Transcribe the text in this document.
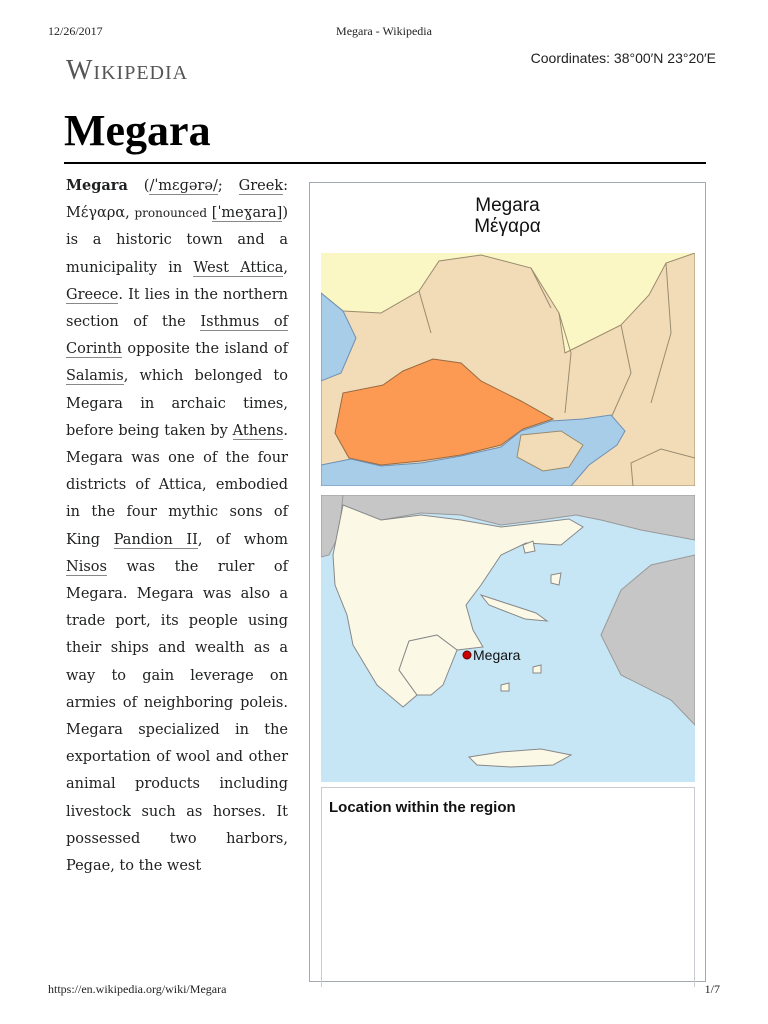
12/26/2017	Megara - Wikipedia
Wikipedia	Coordinates: 38°00′N 23°20′E
Megara
Megara (/ˈmɛɡərə/; Greek: Μέγαρα, pronounced [ˈmeɣara]) is a historic town and a municipality in West Attica, Greece. It lies in the northern section of the Isthmus of Corinth opposite the island of Salamis, which belonged to Megara in archaic times, before being taken by Athens. Megara was one of the four districts of Attica, embodied in the four mythic sons of King Pandion II, of whom Nisos was the ruler of Megara. Megara was also a trade port, its people using their ships and wealth as a way to gain leverage on armies of neighboring poleis. Megara specialized in the exportation of wool and other animal products including livestock such as horses. It possessed two harbors, Pegae, to the west
Megara
Μέγαρα
Megara
Location within the region
https://en.wikipedia.org/wiki/Megara	1/7
